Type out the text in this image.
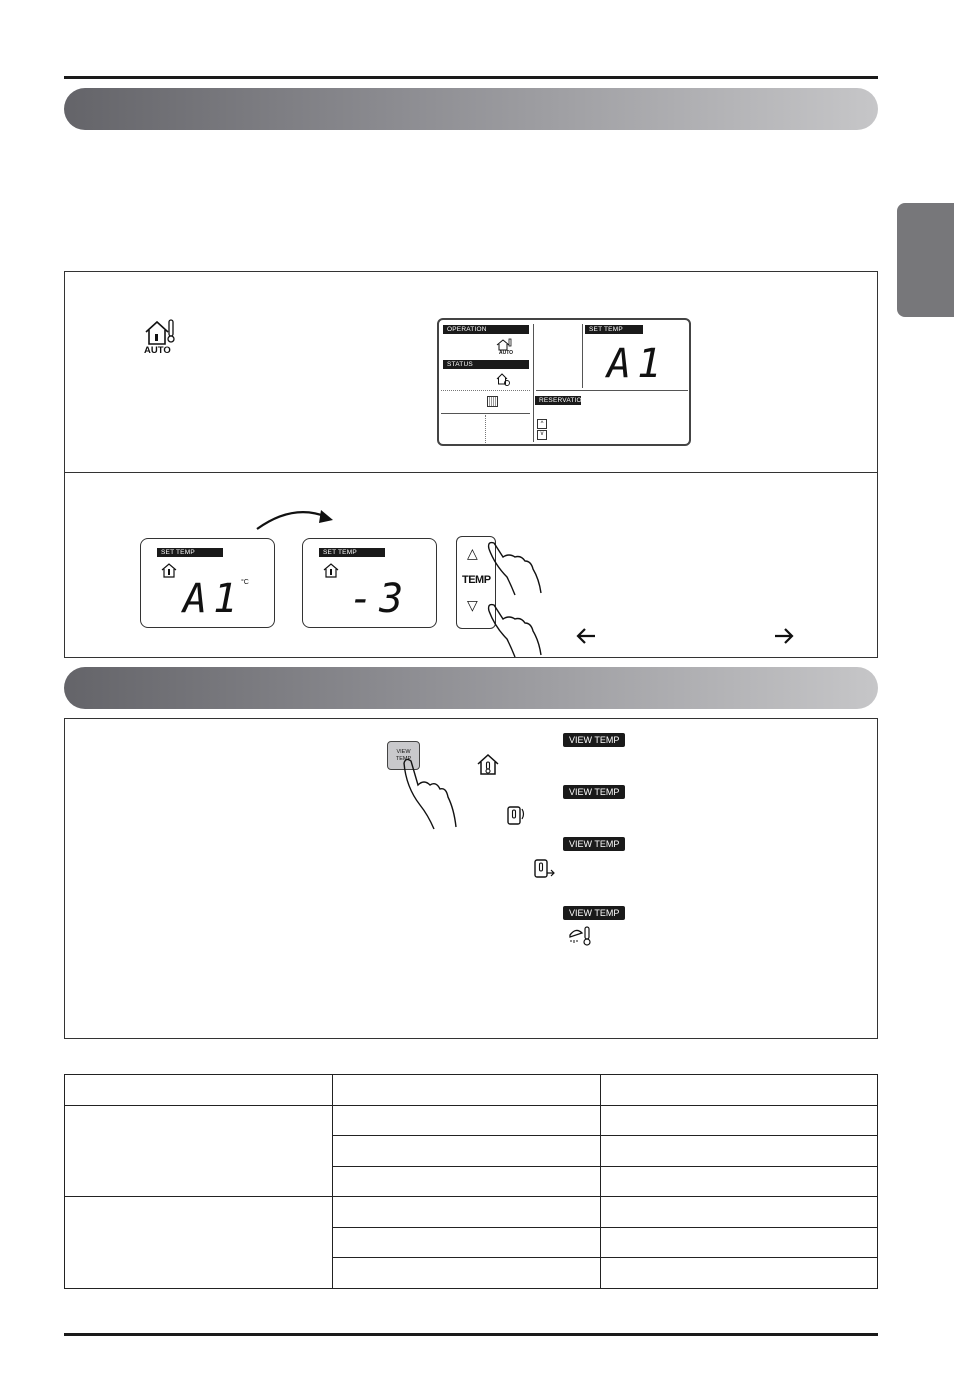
AUTO
OPERATION
AUTO
STATUS
SET TEMP
A1
RESERVATION
^
v
SET TEMP
A1
°C
SET TEMP
-3
△
TEMP
▽
VIEW
TEMP
VIEW TEMP
VIEW TEMP
VIEW TEMP
VIEW TEMP
